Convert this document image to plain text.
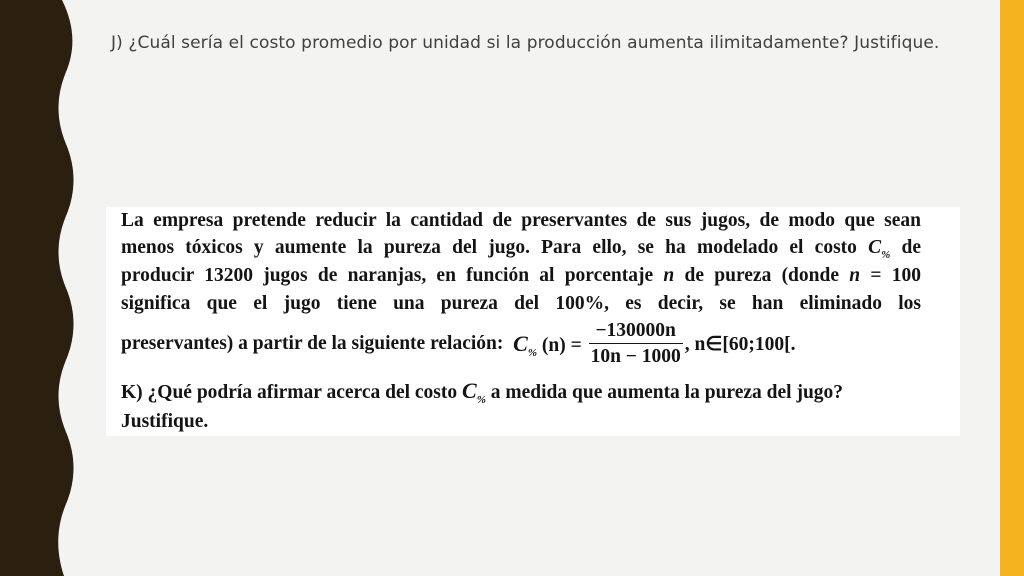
J) ¿Cuál sería el costo promedio por unidad si la producción aumenta ilimitadamente? Justifique.
La empresa pretende reducir la cantidad de preservantes de sus jugos, de modo que sean
menos tóxicos y aumente la pureza del jugo. Para ello, se ha modelado el costo $C_{\%}$ de
producir 13200 jugos de naranjas, en función al porcentaje n de pureza (donde n = 100
significa que el jugo tiene una pureza del 100%, es decir, se han eliminado los
preservantes) a partir de la siguiente relación: $C_{\%}$ $(n) = \frac{-130000n}{10n - 1000}$ , n∈[60;100[.
K) ¿Qué podría afirmar acerca del costo $C_{\%}$ a medida que aumenta la pureza del jugo?
Justifique.
